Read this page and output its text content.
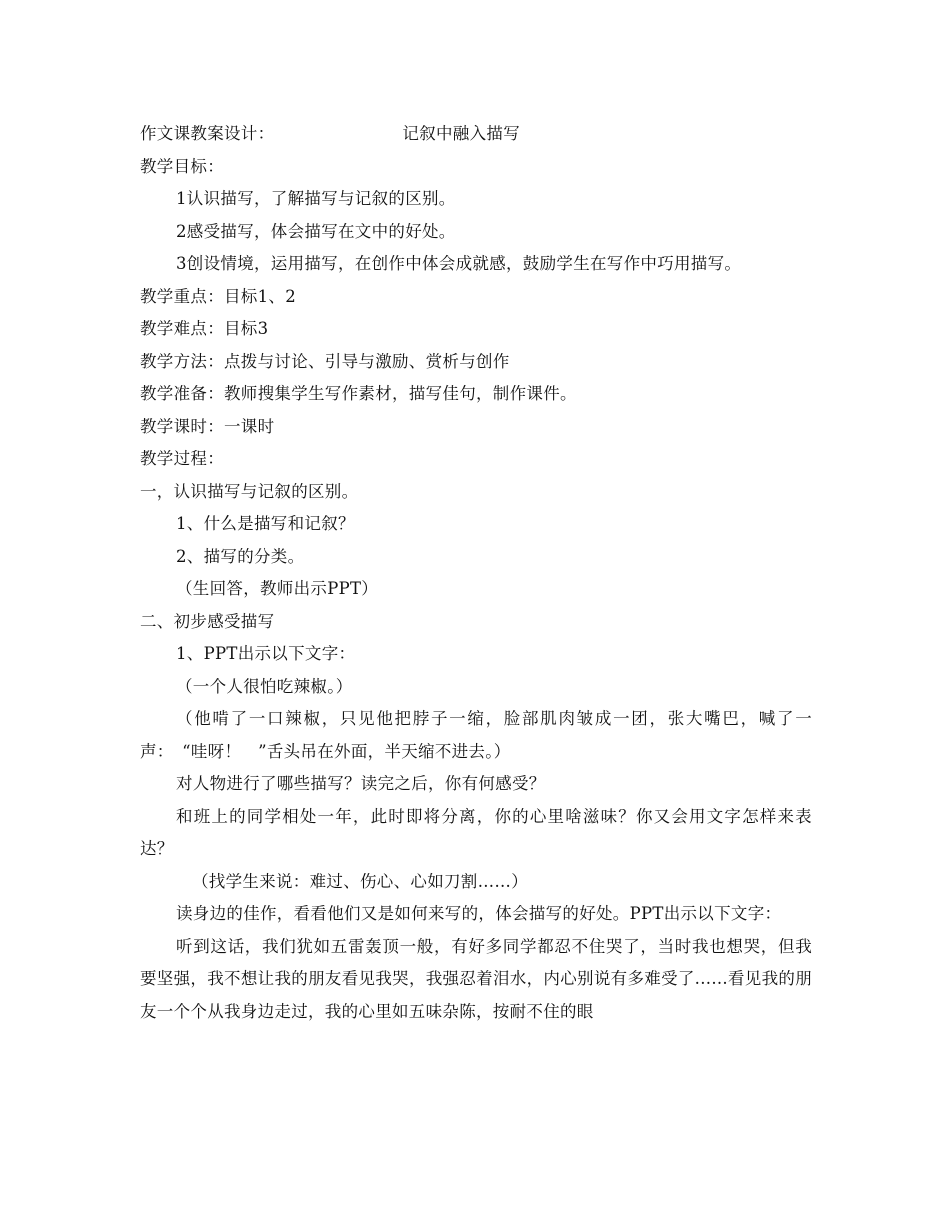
作文课教案设计：	记叙中融入描写
教学目标：
1认识描写，了解描写与记叙的区别。
2感受描写，体会描写在文中的好处。
3创设情境，运用描写，在创作中体会成就感，鼓励学生在写作中巧用描写。
教学重点：目标1、2
教学难点：目标3
教学方法：点拨与讨论、引导与激励、赏析与创作
教学准备：教师搜集学生写作素材，描写佳句，制作课件。
教学课时：一课时
教学过程：
一，认识描写与记叙的区别。
1、什么是描写和记叙？
2、描写的分类。
（生回答，教师出示PPT）
二、初步感受描写
1、PPT出示以下文字：
（一个人很怕吃辣椒。）
（他啃了一口辣椒，只见他把脖子一缩，脸部肌肉皱成一团，张大嘴巴，喊了一声：　“哇呀！　”舌头吊在外面，半天缩不进去。）
对人物进行了哪些描写？读完之后，你有何感受？
和班上的同学相处一年，此时即将分离，你的心里啥滋味？你又会用文字怎样来表达？
（找学生来说：难过、伤心、心如刀割……）
读身边的佳作，看看他们又是如何来写的，体会描写的好处。PPT出示以下文字：
听到这话，我们犹如五雷轰顶一般，有好多同学都忍不住哭了，当时我也想哭，但我要坚强，我不想让我的朋友看见我哭，我强忍着泪水，内心别说有多难受了......看见我的朋友一个个从我身边走过，我的心里如五味杂陈，按耐不住的眼
